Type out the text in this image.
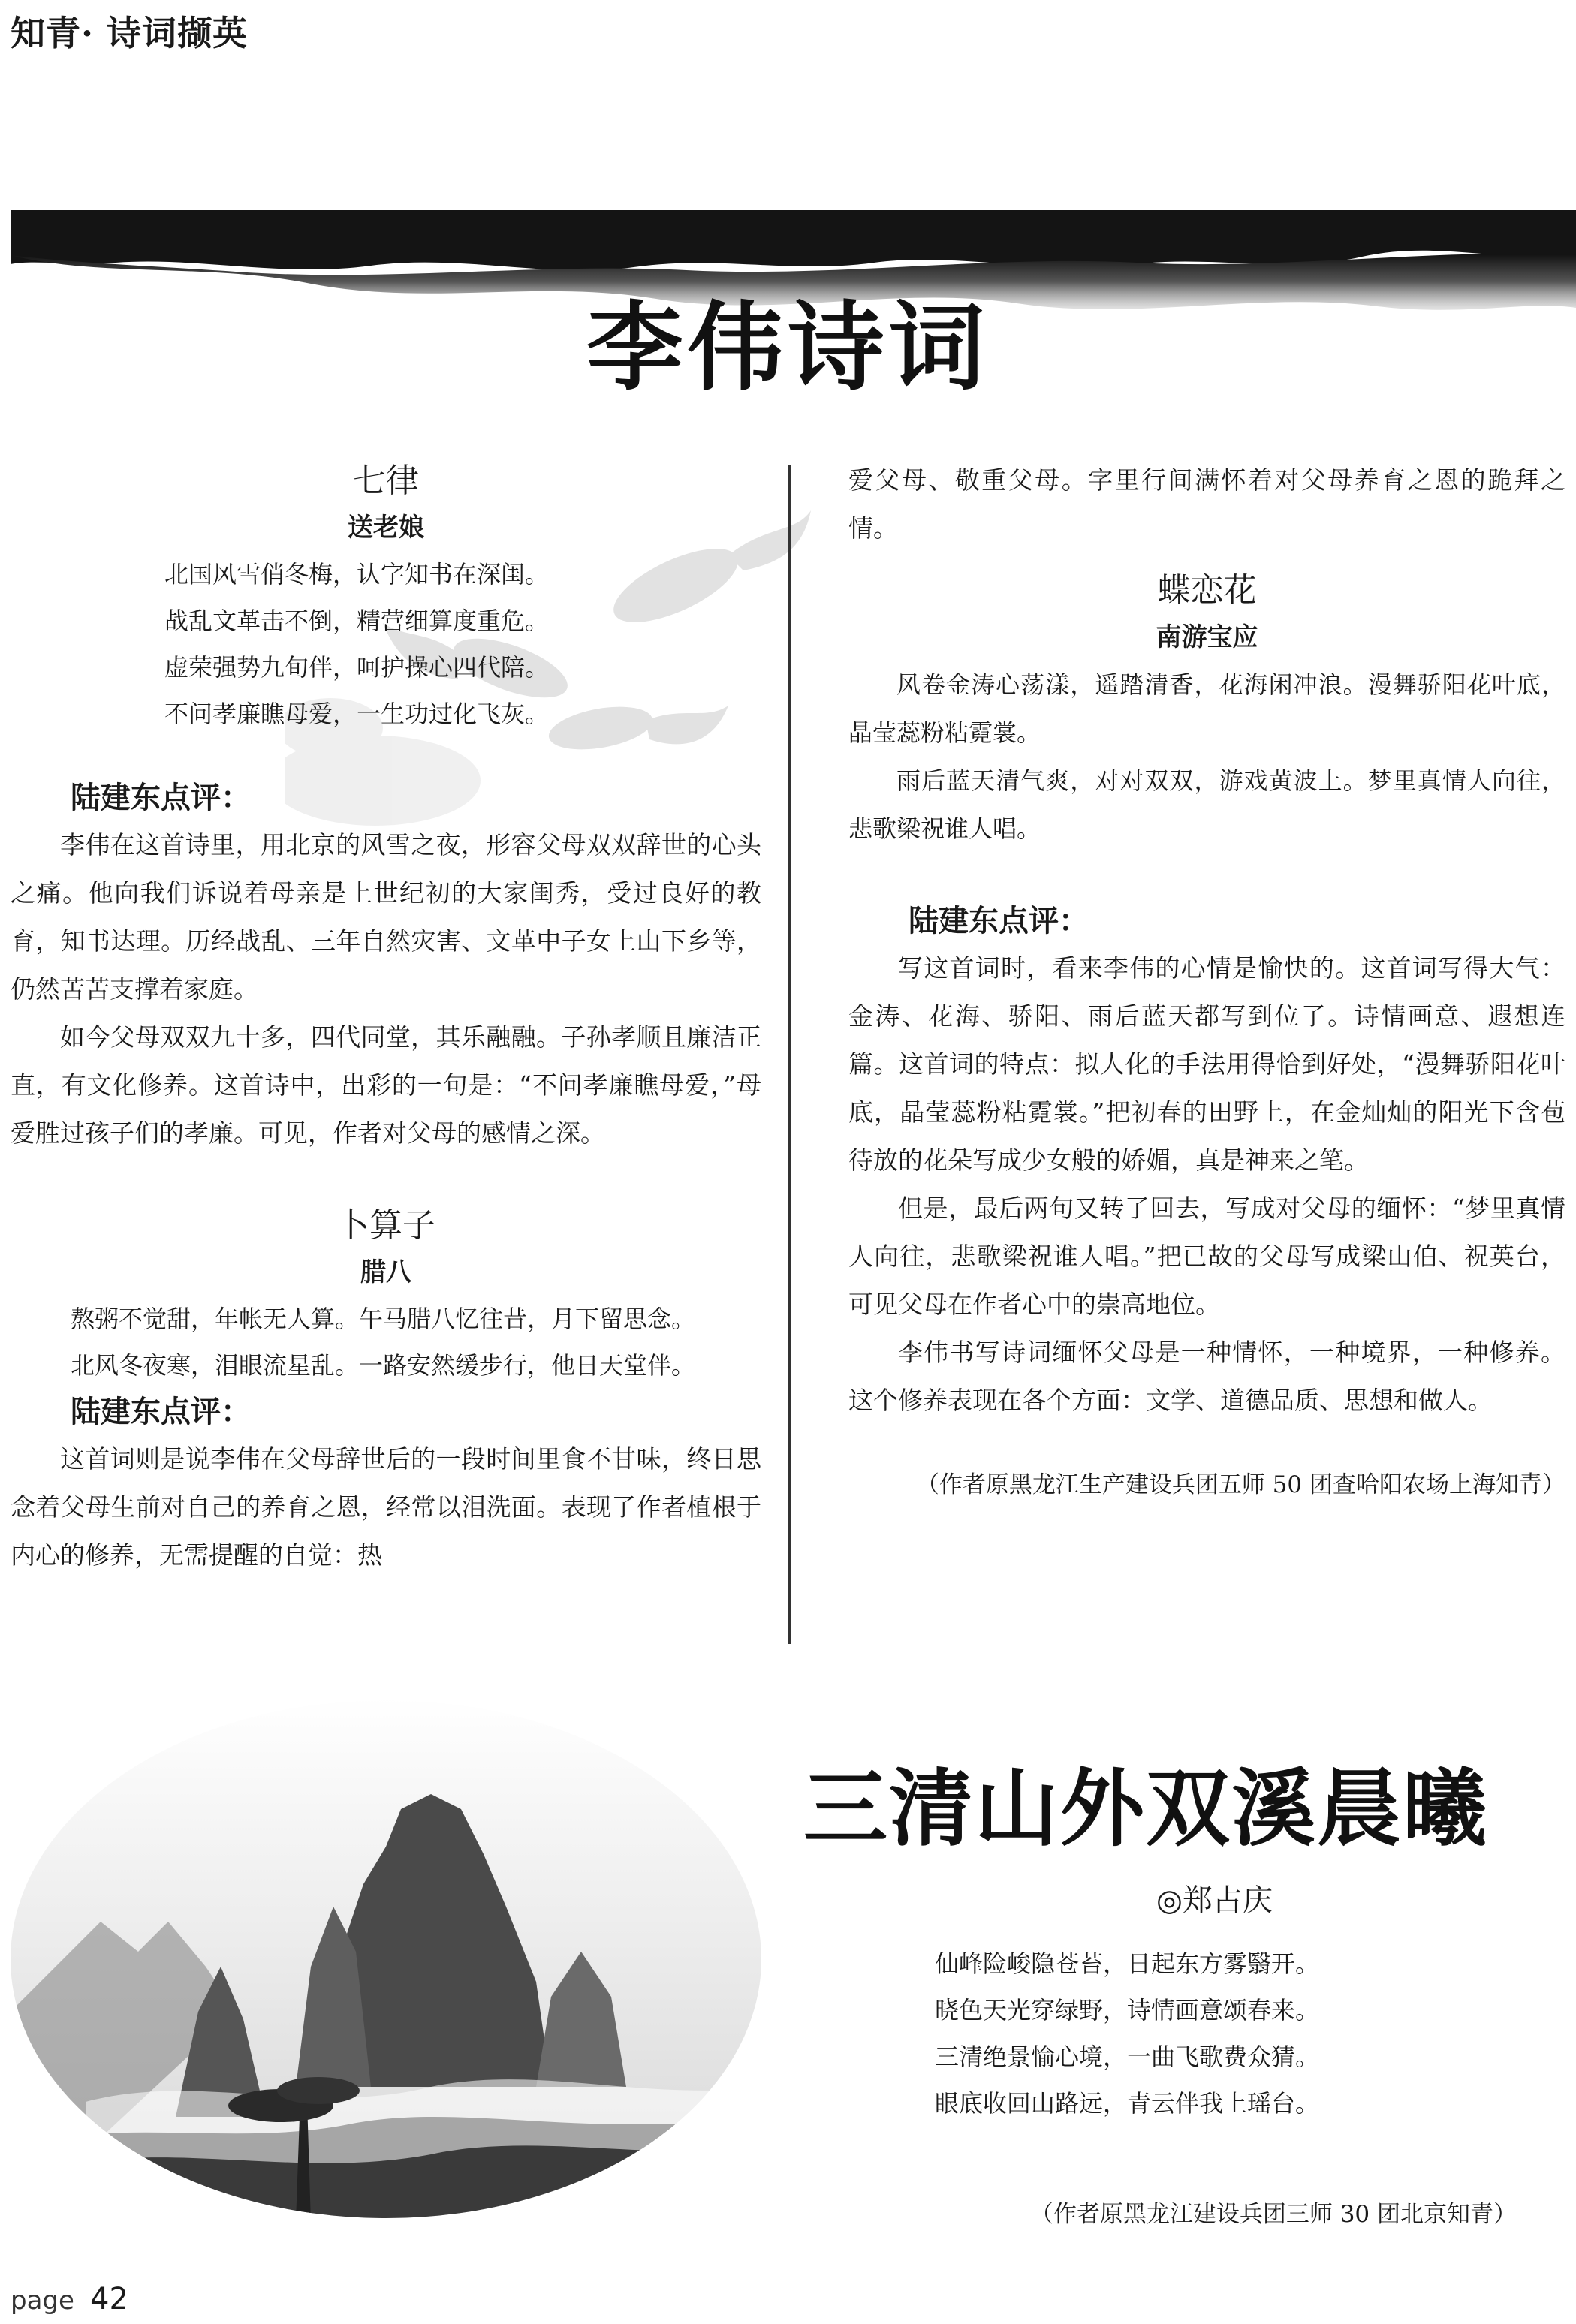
知青· 诗词撷英
李伟诗词
七律
送老娘
北国风雪俏冬梅，认字知书在深闺。
战乱文革击不倒，精营细算度重危。
虚荣强势九旬伴，呵护操心四代陪。
不问孝廉瞧母爱，一生功过化飞灰。
陆建东点评：

李伟在这首诗里，用北京的风雪之夜，形容父母双双辞世的心头之痛。他向我们诉说着母亲是上世纪初的大家闺秀，受过良好的教育，知书达理。历经战乱、三年自然灾害、文革中子女上山下乡等，仍然苦苦支撑着家庭。

如今父母双双九十多，四代同堂，其乐融融。子孙孝顺且廉洁正直，有文化修养。这首诗中，出彩的一句是：“不问孝廉瞧母爱，”母爱胜过孩子们的孝廉。可见，作者对父母的感情之深。

卜算子
腊八
熬粥不觉甜，年帐无人算。午马腊八忆往昔，月下留思念。
北风冬夜寒，泪眼流星乱。一路安然缓步行，他日天堂伴。
陆建东点评：

这首词则是说李伟在父母辞世后的一段时间里食不甘味，终日思念着父母生前对自己的养育之恩，经常以泪洗面。表现了作者植根于内心的修养，无需提醒的自觉：热

爱父母、敬重父母。字里行间满怀着对父母养育之恩的跪拜之情。

蝶恋花
南游宝应

风卷金涛心荡漾，遥踏清香，花海闲冲浪。漫舞骄阳花叶底，晶莹蕊粉粘霓裳。

雨后蓝天清气爽，对对双双，游戏黄波上。梦里真情人向往，悲歌梁祝谁人唱。

陆建东点评：

写这首词时，看来李伟的心情是愉快的。这首词写得大气：金涛、花海、骄阳、雨后蓝天都写到位了。诗情画意、遐想连篇。这首词的特点：拟人化的手法用得恰到好处，“漫舞骄阳花叶底，晶莹蕊粉粘霓裳。”把初春的田野上，在金灿灿的阳光下含苞待放的花朵写成少女般的娇媚，真是神来之笔。

但是，最后两句又转了回去，写成对父母的缅怀：“梦里真情人向往，悲歌梁祝谁人唱。”把已故的父母写成梁山伯、祝英台，可见父母在作者心中的崇高地位。

李伟书写诗词缅怀父母是一种情怀，一种境界，一种修养。这个修养表现在各个方面：文学、道德品质、思想和做人。

（作者原黑龙江生产建设兵团五师 50 团查哈阳农场上海知青）
三清山外双溪晨曦
◎郑占庆
仙峰险峻隐苍苔，日起东方雾翳开。
晓色天光穿绿野，诗情画意颂春来。
三清绝景愉心境，一曲飞歌费众猜。
眼底收回山路远，青云伴我上瑶台。
（作者原黑龙江建设兵团三师 30 团北京知青）
page 42
